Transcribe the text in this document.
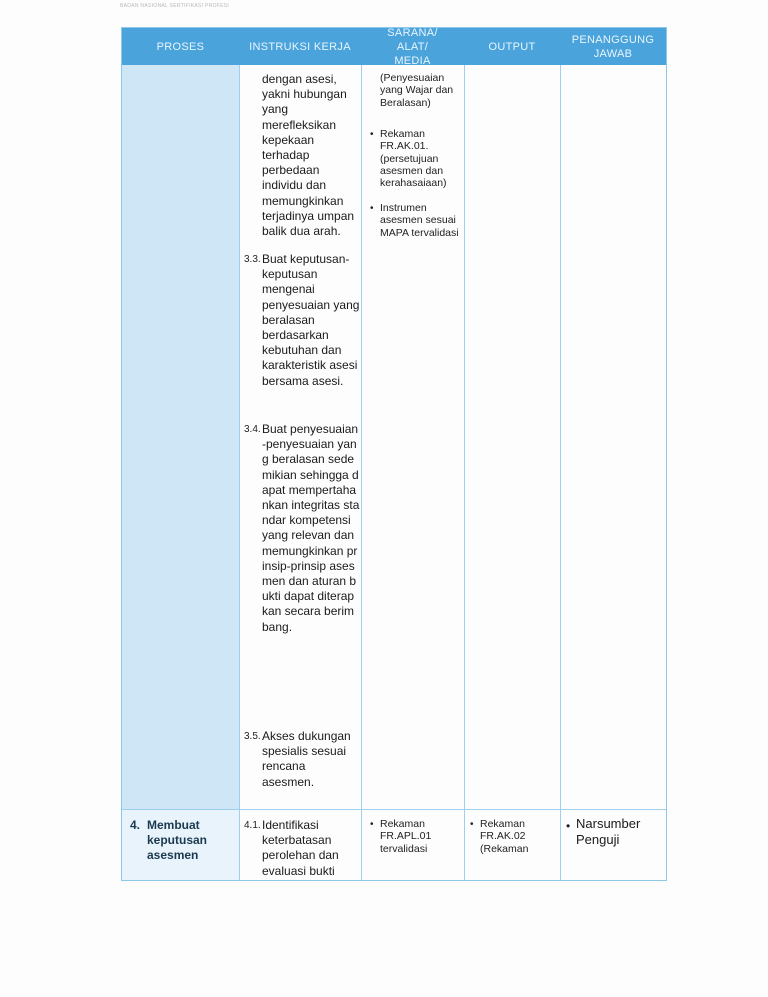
BADAN NASIONAL SERTIFIKASI PROFESI
PROSES	INSTRUKSI KERJA
SARANA/ ALAT/ MEDIA
OUTPUT
PENANGGUNG JAWAB
dengan asesi, yakni hubungan yang merefleksikan kepekaan terhadap perbedaan individu dan memungkinkan terjadinya umpan balik dua arah.
3.3. Buat keputusan-keputusan mengenai penyesuaian yang beralasan berdasarkan kebutuhan dan karakteristik asesi bersama asesi.
3.4. Buat penyesuaian-penyesuaian yang beralasan sedemikian sehingga dapat mempertahankan integritas standar kompetensi yang relevan dan memungkinkan prinsip-prinsip asesmen dan aturan bukti dapat diterapkan secara berimbang.
3.5. Akses dukungan spesialis sesuai rencana asesmen.
(Penyesuaian yang Wajar dan Beralasan)
• Rekaman FR.AK.01. (persetujuan asesmen dan kerahasaiaan)
• Instrumen asesmen sesuai MAPA tervalidasi
4. Membuat keputusan asesmen
4.1. Identifikasi keterbatasan perolehan dan evaluasi bukti
• Rekaman FR.APL.01 tervalidasi
• Rekaman FR.AK.02 (Rekaman
• Narsumber Penguji
